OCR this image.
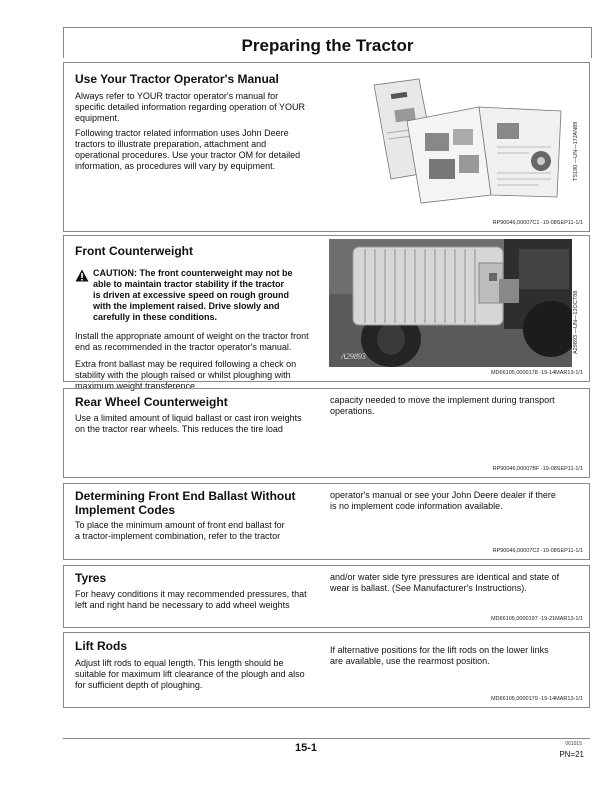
Preparing the Tractor
Use Your Tractor Operator's Manual
Always refer to YOUR tractor operator's manual for
specific detailed information regarding operation of YOUR
equipment.
Following tractor related information uses John Deere
tractors to illustrate preparation, attachment and
operational procedures. Use your tractor OM for detailed
information, as procedures will vary by equipment.	TS190 —UN—17JAN89
RP90046,00007C1 -19-08SEP11-1/1
Front Counterweight
CAUTION: The front counterweight may not be
able to maintain tractor stability if the tractor
is driven at excessive speed on rough ground
with the implement raised. Drive slowly and
carefully in these conditions.
Install the appropriate amount of weight on the tractor front
end as recommended in the tractor operator's manual.
Extra front ballast may be required following a check on
stability with the plough raised or whilst ploughing with
maximum weight transference.
A29893
A29893 —UN—12OCT88
MD66105,0000178 -19-14MAR13-1/1
Rear Wheel Counterweight
Use a limited amount of liquid ballast or cast iron weights
on the tractor rear wheels. This reduces the tire load
capacity needed to move the implement during transport
operations.
RP90046,00007BF -19-08SEP11-1/1
Determining Front End Ballast Without
Implement Codes
To place the minimum amount of front end ballast for
a tractor-implement combination, refer to the tractor
operator's manual or see your John Deere dealer if there
is no implement code information available.
RP90046,00007C2 -19-08SEP11-1/1
Tyres
For heavy conditions it may recommended pressures, that
left and right hand be necessary to add wheel weights
and/or water side tyre pressures are identical and state of
wear is ballast. (See Manufacturer's Instructions).
MD66105,0000197 -19-21MAR13-1/1
Lift Rods
Adjust lift rods to equal length. This length should be
suitable for maximum lift clearance of the plough and also
for sufficient depth of ploughing.
If alternative positions for the lift rods on the lower links
are available, use the rearmost position.
MD66105,0000179 -19-14MAR13-1/1
15-1	061015
PN=21
